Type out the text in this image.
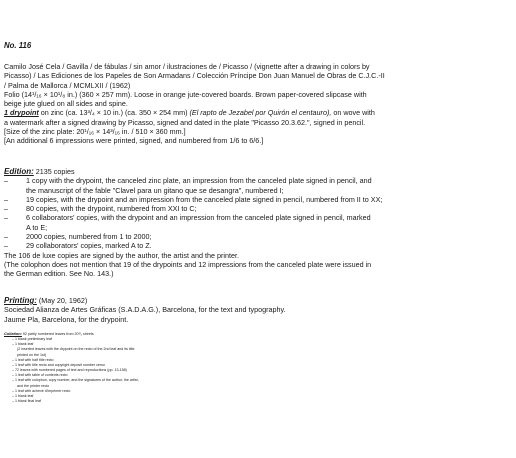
No. 116
Camilo José Cela / Gavilla / de fábulas / sin amor / ilustraciones de / Picasso / (vignette after a drawing in colors by
Picasso) / Las Ediciones de los Papeles de Son Armadans / Colección Príncipe Don Juan Manuel de Obras de C.J.C.-II
/ Palma de Mallorca / MCMLXII / (1962)
Folio (14¹/₁₆ × 10¹/₈ in.) (360 × 257 mm). Loose in orange jute-covered boards. Brown paper-covered slipcase with
beige jute glued on all sides and spine.
1 drypoint on zinc (ca. 13³/₄ × 10 in.) (ca. 350 × 254 mm) (El rapto de Jezabel por Quirón el centauro), on wove with
a watermark after a signed drawing by Picasso, signed and dated in the plate "Picasso 20.3.62.", signed in pencil.
[Size of the zinc plate: 20¹/₁₆ × 14³/₁₆ in. / 510 × 360 mm.]
[An additional 6 impressions were printed, signed, and numbered from 1/6 to 6/6.]
Edition: 2135 copies
–	1 copy with the drypoint, the canceled zinc plate, an impression from the canceled plate signed in pencil, and
the manuscript of the fable "Clavel para un gitano que se desangra", numbered I;
–	19 copies, with the drypoint and an impression from the canceled plate signed in pencil, numbered from II to XX;
–	80 copies, with the drypoint, numbered from XXI to C;
–	6 collaborators' copies, with the drypoint and an impression from the canceled plate signed in pencil, marked
A to E;
–	2000 copies, numbered from 1 to 2000;
–	29 collaborators' copies, marked A to Z.
The 106 de luxe copies are signed by the author, the artist and the printer.
(The colophon does not mention that 19 of the drypoints and 12 impressions from the canceled plate were issued in
the German edition. See No. 143.)
Printing: (May 20, 1962)
Sociedad Alianza de Artes Gráficas (S.A.D.A.G.), Barcelona, for the text and typography.
Jaume Pla, Barcelona, for the drypoint.
Collation: 92 partly numbered leaves from 20¹/₂ sheets
– 1 blank preliminary leaf
– 1 blank leaf
(2 inserted leaves with the drypoint on the recto of the 2nd leaf and its title
printed on the 1st)
– 1 leaf with half title recto
– 1 leaf with title recto and copyright deposit number verso
– 72 leaves with numbered pages of text and reproductions (pp. 13-158)
– 1 leaf with table of contents recto
– 1 leaf with colophon, copy number, and the signatures of the author, the artist,
and the printer recto
– 1 leaf with achevé d'imprimer recto
– 1 blank leaf
– 1 blank final leaf
